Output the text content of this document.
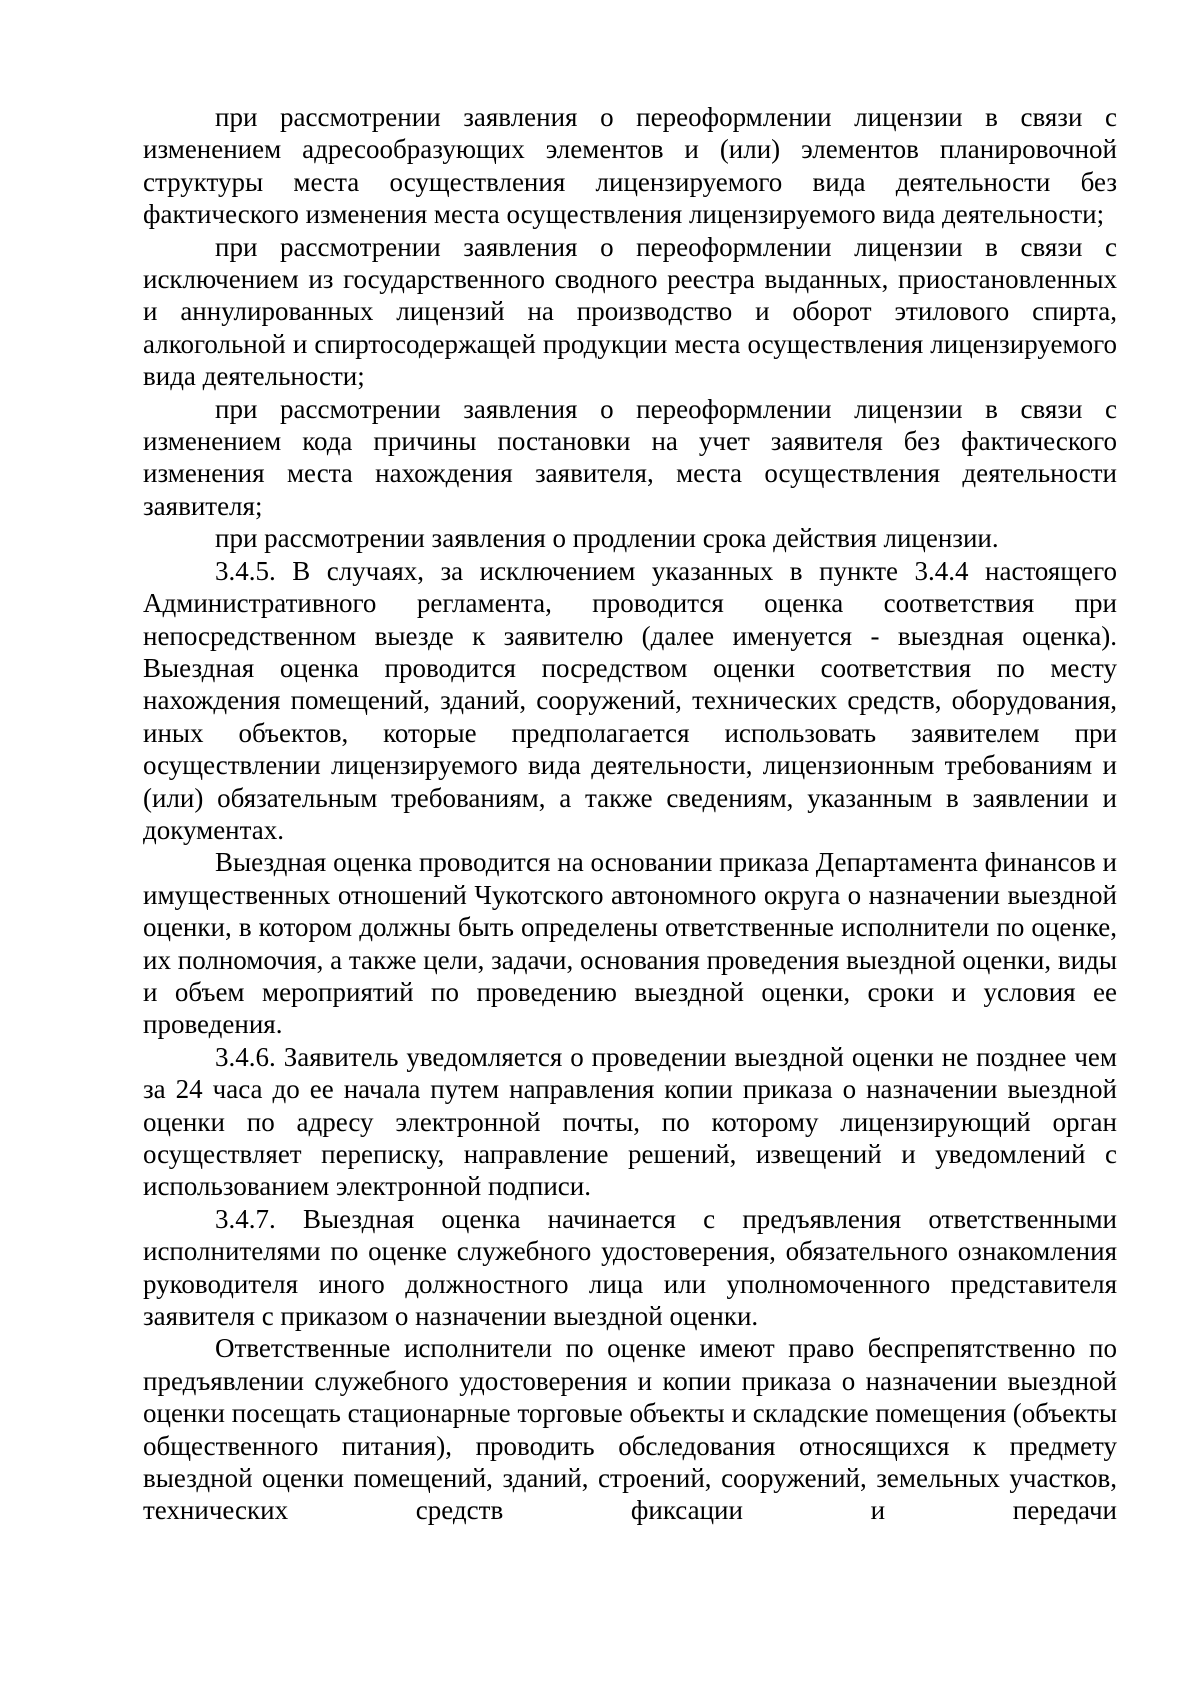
при рассмотрении заявления о переоформлении лицензии в связи с изменением адресообразующих элементов и (или) элементов планировочной структуры места осуществления лицензируемого вида деятельности без фактического изменения места осуществления лицензируемого вида деятельности;

при рассмотрении заявления о переоформлении лицензии в связи с исключением из государственного сводного реестра выданных, приостановленных и аннулированных лицензий на производство и оборот этилового спирта, алкогольной и спиртосодержащей продукции места осуществления лицензируемого вида деятельности;

при рассмотрении заявления о переоформлении лицензии в связи с изменением кода причины постановки на учет заявителя без фактического изменения места нахождения заявителя, места осуществления деятельности заявителя;

при рассмотрении заявления о продлении срока действия лицензии.

3.4.5. В случаях, за исключением указанных в пункте 3.4.4 настоящего Административного регламента, проводится оценка соответствия при непосредственном выезде к заявителю (далее именуется - выездная оценка). Выездная оценка проводится посредством оценки соответствия по месту нахождения помещений, зданий, сооружений, технических средств, оборудования, иных объектов, которые предполагается использовать заявителем при осуществлении лицензируемого вида деятельности, лицензионным требованиям и (или) обязательным требованиям, а также сведениям, указанным в заявлении и документах.

Выездная оценка проводится на основании приказа Департамента финансов и имущественных отношений Чукотского автономного округа о назначении выездной оценки, в котором должны быть определены ответственные исполнители по оценке, их полномочия, а также цели, задачи, основания проведения выездной оценки, виды и объем мероприятий по проведению выездной оценки, сроки и условия ее проведения.

3.4.6. Заявитель уведомляется о проведении выездной оценки не позднее чем за 24 часа до ее начала путем направления копии приказа о назначении выездной оценки по адресу электронной почты, по которому лицензирующий орган осуществляет переписку, направление решений, извещений и уведомлений с использованием электронной подписи.

3.4.7. Выездная оценка начинается с предъявления ответственными исполнителями по оценке служебного удостоверения, обязательного ознакомления руководителя иного должностного лица или уполномоченного представителя заявителя с приказом о назначении выездной оценки.

Ответственные исполнители по оценке имеют право беспрепятственно по предъявлении служебного удостоверения и копии приказа о назначении выездной оценки посещать стационарные торговые объекты и складские помещения (объекты общественного питания), проводить обследования относящихся к предмету выездной оценки помещений, зданий, строений, сооружений, земельных участков, технических средств фиксации и передачи
